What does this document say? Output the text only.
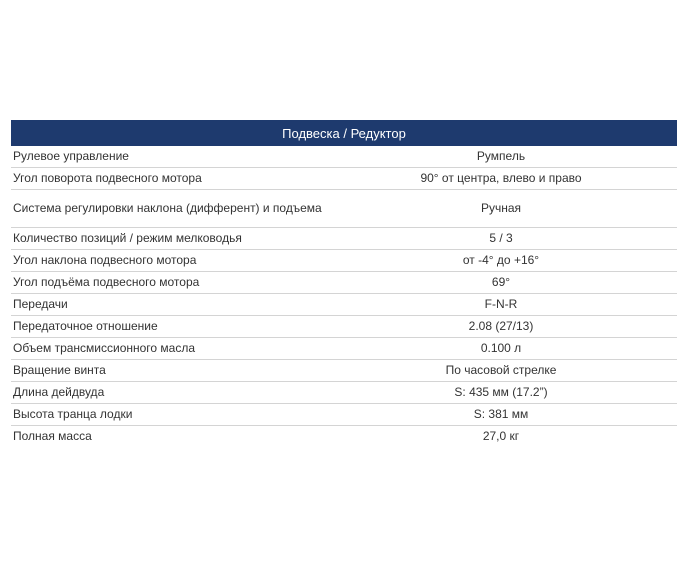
Подвеска / Редуктор	
Рулевое управление	Румпель
Угол поворота подвесного мотора	90° от центра, влево и право
Система регулировки наклона (дифферент) и подъема	Ручная
Количество позиций / режим мелководья	5 / 3
Угол наклона подвесного мотора	от -4° до +16°
Угол подъёма подвесного мотора	69°
Передачи	F-N-R
Передаточное отношение	2.08 (27/13)
Объем трансмиссионного масла	0.100 л
Вращение винта	По часовой стрелке
Длина дейдвуда	S: 435 мм (17.2”)
Высота транца лодки	S: 381 мм
Полная масса	27,0 кг
